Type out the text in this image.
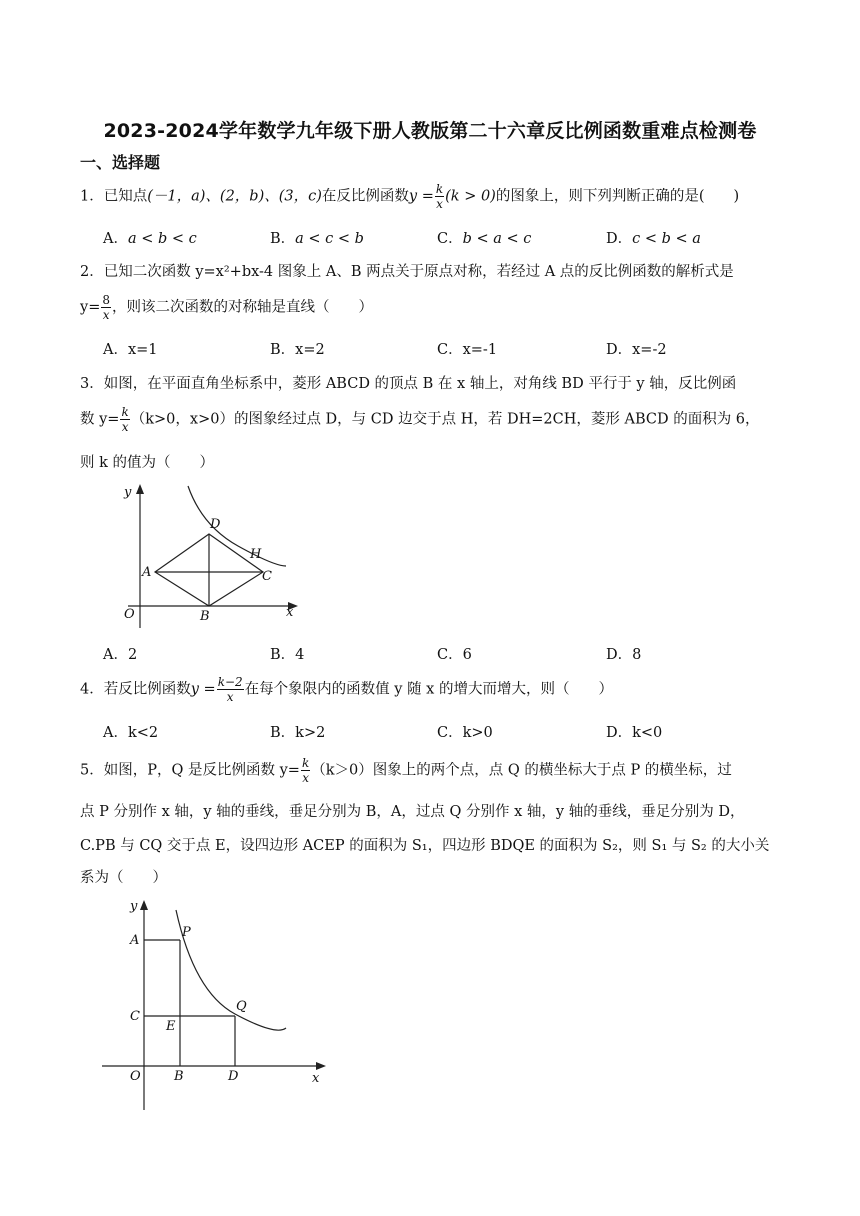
2023-2024学年数学九年级下册人教版第二十六章反比例函数重难点检测卷
一、选择题
1．已知点(－1，𝑎)、(2，𝑏)、(3，𝑐)在反比例函数𝑦 = $\frac{\text{𝑘}}{\text{𝑥}}$ (𝑘 > 0)的图象上，则下列判断正确的是(　　)
A．𝑎 < 𝑏 < 𝑐	B．𝑎 < 𝑐 < 𝑏	C．𝑏 < 𝑎 < 𝑐	D．𝑐 < 𝑏 < 𝑎
2．已知二次函数 y=x²+bx-4 图象上 A、B 两点关于原点对称，若经过 A 点的反比例函数的解析式是
$y= \frac{8}{\text{𝑥}}$ ，则该二次函数的对称轴是直线（　　）
A．x=1	B．x=2	C．x=-1	D．x=-2
3．如图，在平面直角坐标系中，菱形 ABCD 的顶点 B 在 x 轴上，对角线 BD 平行于 y 轴，反比例函
数 $y= \frac{\text{𝑘}}{\text{𝑥}} (k>0$，x>0）的图象经过点 D，与 CD 边交于点 H，若 DH=2CH，菱形 ABCD 的面积为 6，
则 k 的值为（　　）
y
D
H
A	C
O	B	x
A．2	B．4	C．6	D．8
4．若反比例函数𝑦 = $\frac{\text{𝑘−2}}{\text{𝑥}}$ 在每个象限内的函数值 y 随 x 的增大而增大，则（　　）
A．k<2	B．k>2	C．k>0	D．k<0
5．如图，P，Q 是反比例函数 $y= \frac{\text{𝑘}}{\text{𝑥}} (k>0)$图象上的两个点，点 Q 的横坐标大于点 P 的横坐标，过
点 P 分别作 x 轴，y 轴的垂线，垂足分别为 B，A，过点 Q 分别作 x 轴，y 轴的垂线，垂足分别为 D，
C.PB 与 CQ 交于点 E，设四边形 ACEP 的面积为 S₁，四边形 BDQE 的面积为 S₂，则 S₁ 与 S₂ 的大小关
系为（　　）
y
A
P
C
Q
E
O	B	D	x
